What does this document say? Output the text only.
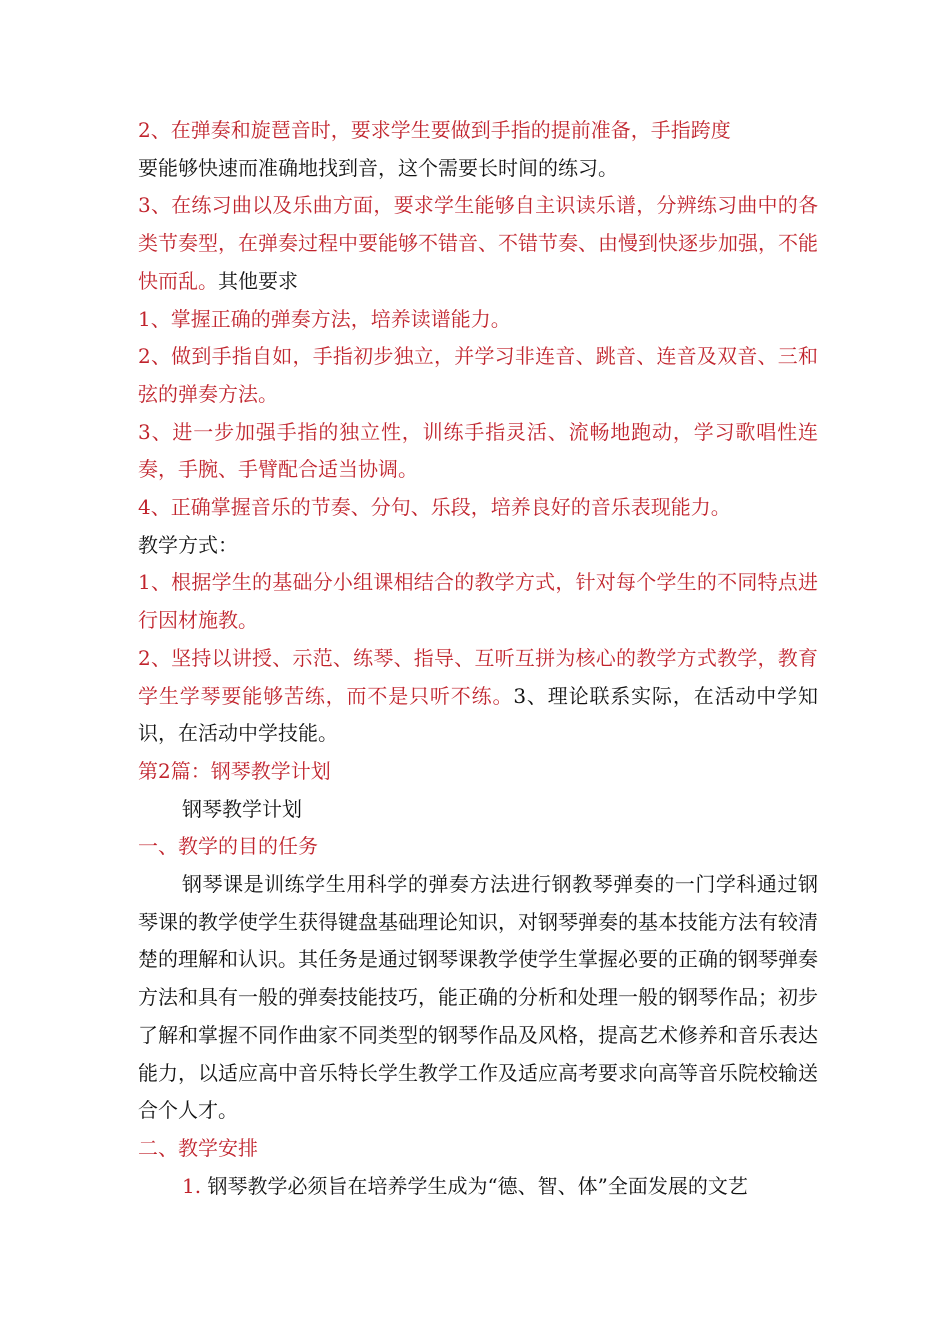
2、在弹奏和旋琶音时，要求学生要做到手指的提前准备，手指跨度
要能够快速而准确地找到音，这个需要长时间的练习。

3、在练习曲以及乐曲方面，要求学生能够自主识读乐谱，分辨练习曲中的各类节奏型，在弹奏过程中要能够不错音、不错节奏、由慢到快逐步加强，不能快而乱。其他要求

1、掌握正确的弹奏方法，培养读谱能力。

2、做到手指自如，手指初步独立，并学习非连音、跳音、连音及双音、三和弦的弹奏方法。

3、进一步加强手指的独立性，训练手指灵活、流畅地跑动，学习歌唱性连奏，手腕、手臂配合适当协调。

4、正确掌握音乐的节奏、分句、乐段，培养良好的音乐表现能力。

教学方式：

1、根据学生的基础分小组课相结合的教学方式，针对每个学生的不同特点进行因材施教。

2、坚持以讲授、示范、练琴、指导、互听互拼为核心的教学方式教学，教育学生学琴要能够苦练，而不是只听不练。3、理论联系实际，在活动中学知识，在活动中学技能。

第2篇：钢琴教学计划

钢琴教学计划

一、教学的目的任务

钢琴课是训练学生用科学的弹奏方法进行钢教琴弹奏的一门学科通过钢琴课的教学使学生获得键盘基础理论知识，对钢琴弹奏的基本技能方法有较清楚的理解和认识。其任务是通过钢琴课教学使学生掌握必要的正确的钢琴弹奏方法和具有一般的弹奏技能技巧，能正确的分析和处理一般的钢琴作品；初步了解和掌握不同作曲家不同类型的钢琴作品及风格，提高艺术修养和音乐表达能力，以适应高中音乐特长学生教学工作及适应高考要求向高等音乐院校输送合个人才。

二、教学安排

1. 钢琴教学必须旨在培养学生成为“德、智、体”全面发展的文艺
